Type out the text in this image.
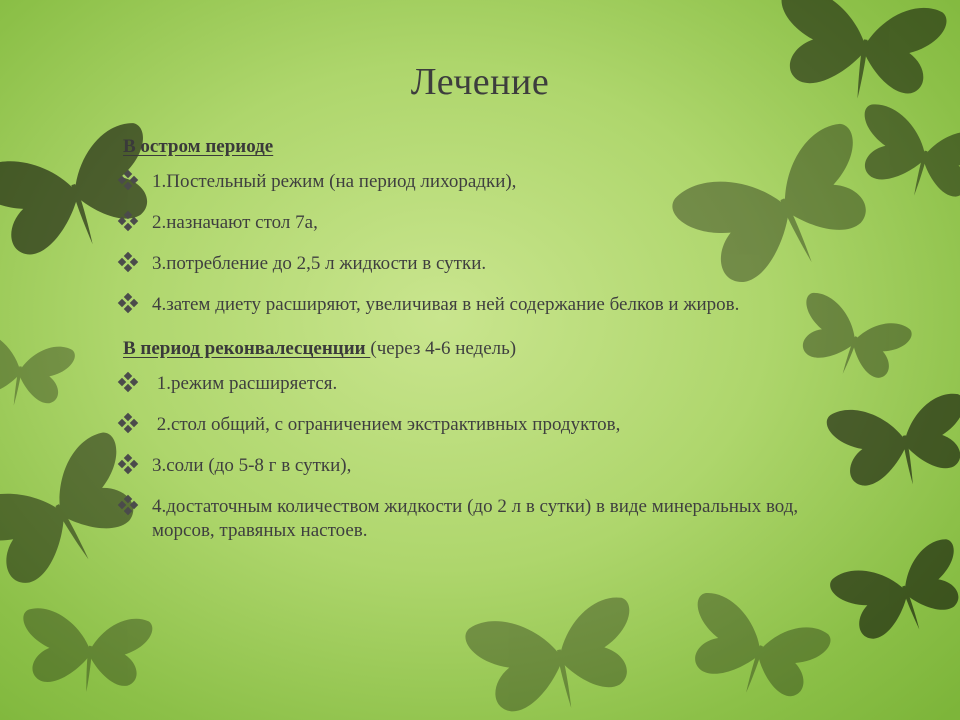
Лечение
В остром периоде
1.Постельный режим (на период лихорадки),
2.назначают стол 7а,
3.потребление до 2,5 л жидкости в сутки.
4.затем диету расширяют, увеличивая в ней содержание белков и жиров.
В период реконвалесценции (через 4-6 недель)
1.режим расширяется.
2.стол общий, с ограничением экстрактивных продуктов,
3.соли (до 5-8 г в сутки),
4.достаточным количеством жидкости (до 2 л в сутки) в виде минеральных вод, морсов, травяных настоев.
